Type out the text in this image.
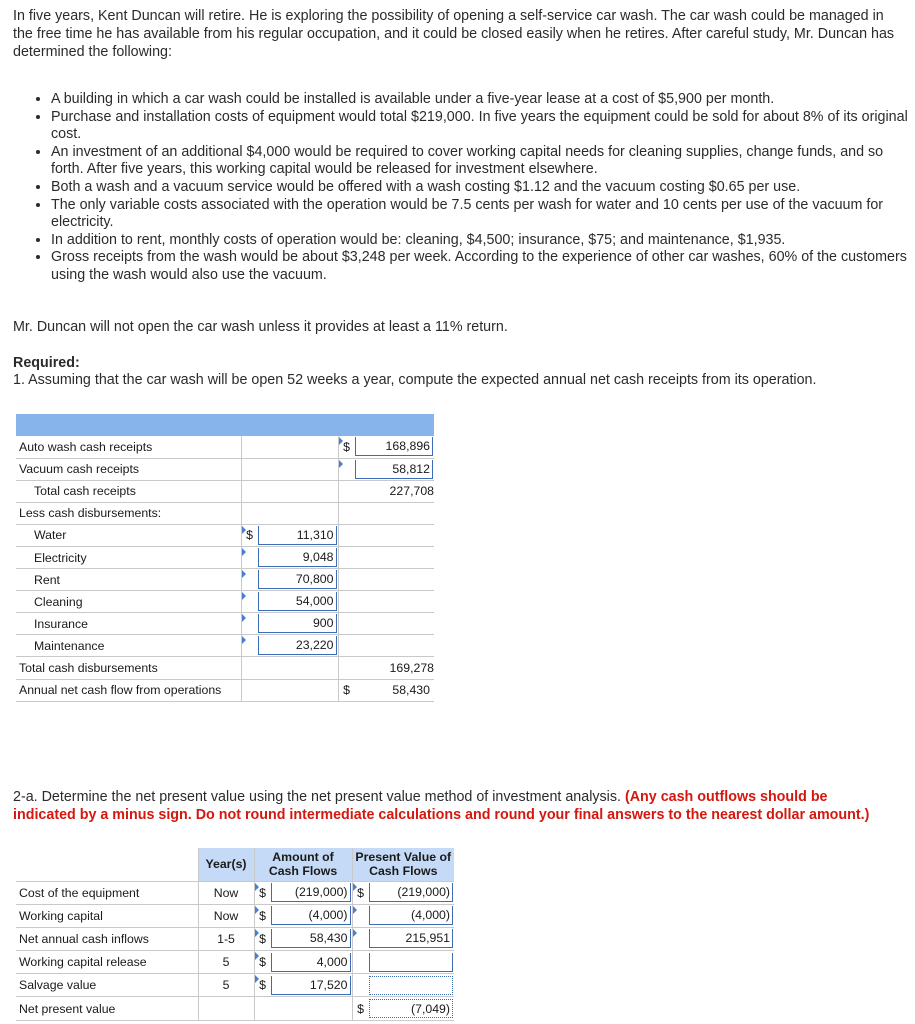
In five years, Kent Duncan will retire. He is exploring the possibility of opening a self-service car wash. The car wash could be managed in the free time he has available from his regular occupation, and it could be closed easily when he retires. After careful study, Mr. Duncan has determined the following:

• A building in which a car wash could be installed is available under a five-year lease at a cost of $5,900 per month.
• Purchase and installation costs of equipment would total $219,000. In five years the equipment could be sold for about 8% of its original cost.
• An investment of an additional $4,000 would be required to cover working capital needs for cleaning supplies, change funds, and so forth. After five years, this working capital would be released for investment elsewhere.
• Both a wash and a vacuum service would be offered with a wash costing $1.12 and the vacuum costing $0.65 per use.
• The only variable costs associated with the operation would be 7.5 cents per wash for water and 10 cents per use of the vacuum for electricity.
• In addition to rent, monthly costs of operation would be: cleaning, $4,500; insurance, $75; and maintenance, $1,935.
• Gross receipts from the wash would be about $3,248 per week. According to the experience of other car washes, 60% of the customers using the wash would also use the vacuum.

Mr. Duncan will not open the car wash unless it provides at least a 11% return.

Required:

1. Assuming that the car wash will be open 52 weeks a year, compute the expected annual net cash receipts from its operation.

Auto wash cash receipts		$ 168,896

Vacuum cash receipts		58,812

Total cash receipts		227,708
Less cash disbursements:		
Water	$ 11,310	

Electricity	9,048	

Rent	70,800	

Cleaning	54,000	

Insurance	900	

Maintenance	23,220	

Total cash disbursements		169,278
Annual net cash flow from operations		$ 58,430

2-a. Determine the net present value using the net present value method of investment analysis. (Any cash outflows should be indicated by a minus sign. Do not round intermediate calculations and round your final answers to the nearest dollar amount.)

	Year(s)	Amount of
Cash Flows	Present Value of
Cash Flows
Cost of the equipment	Now	$ (219,000)	$ (219,000)

Working capital	Now	$ (4,000)	(4,000)

Net annual cash inflows	1-5	$ 58,430	215,951

Working capital release	5	$ 4,000	

Salvage value	5	$ 17,520	

Net present value			$ (7,049)
